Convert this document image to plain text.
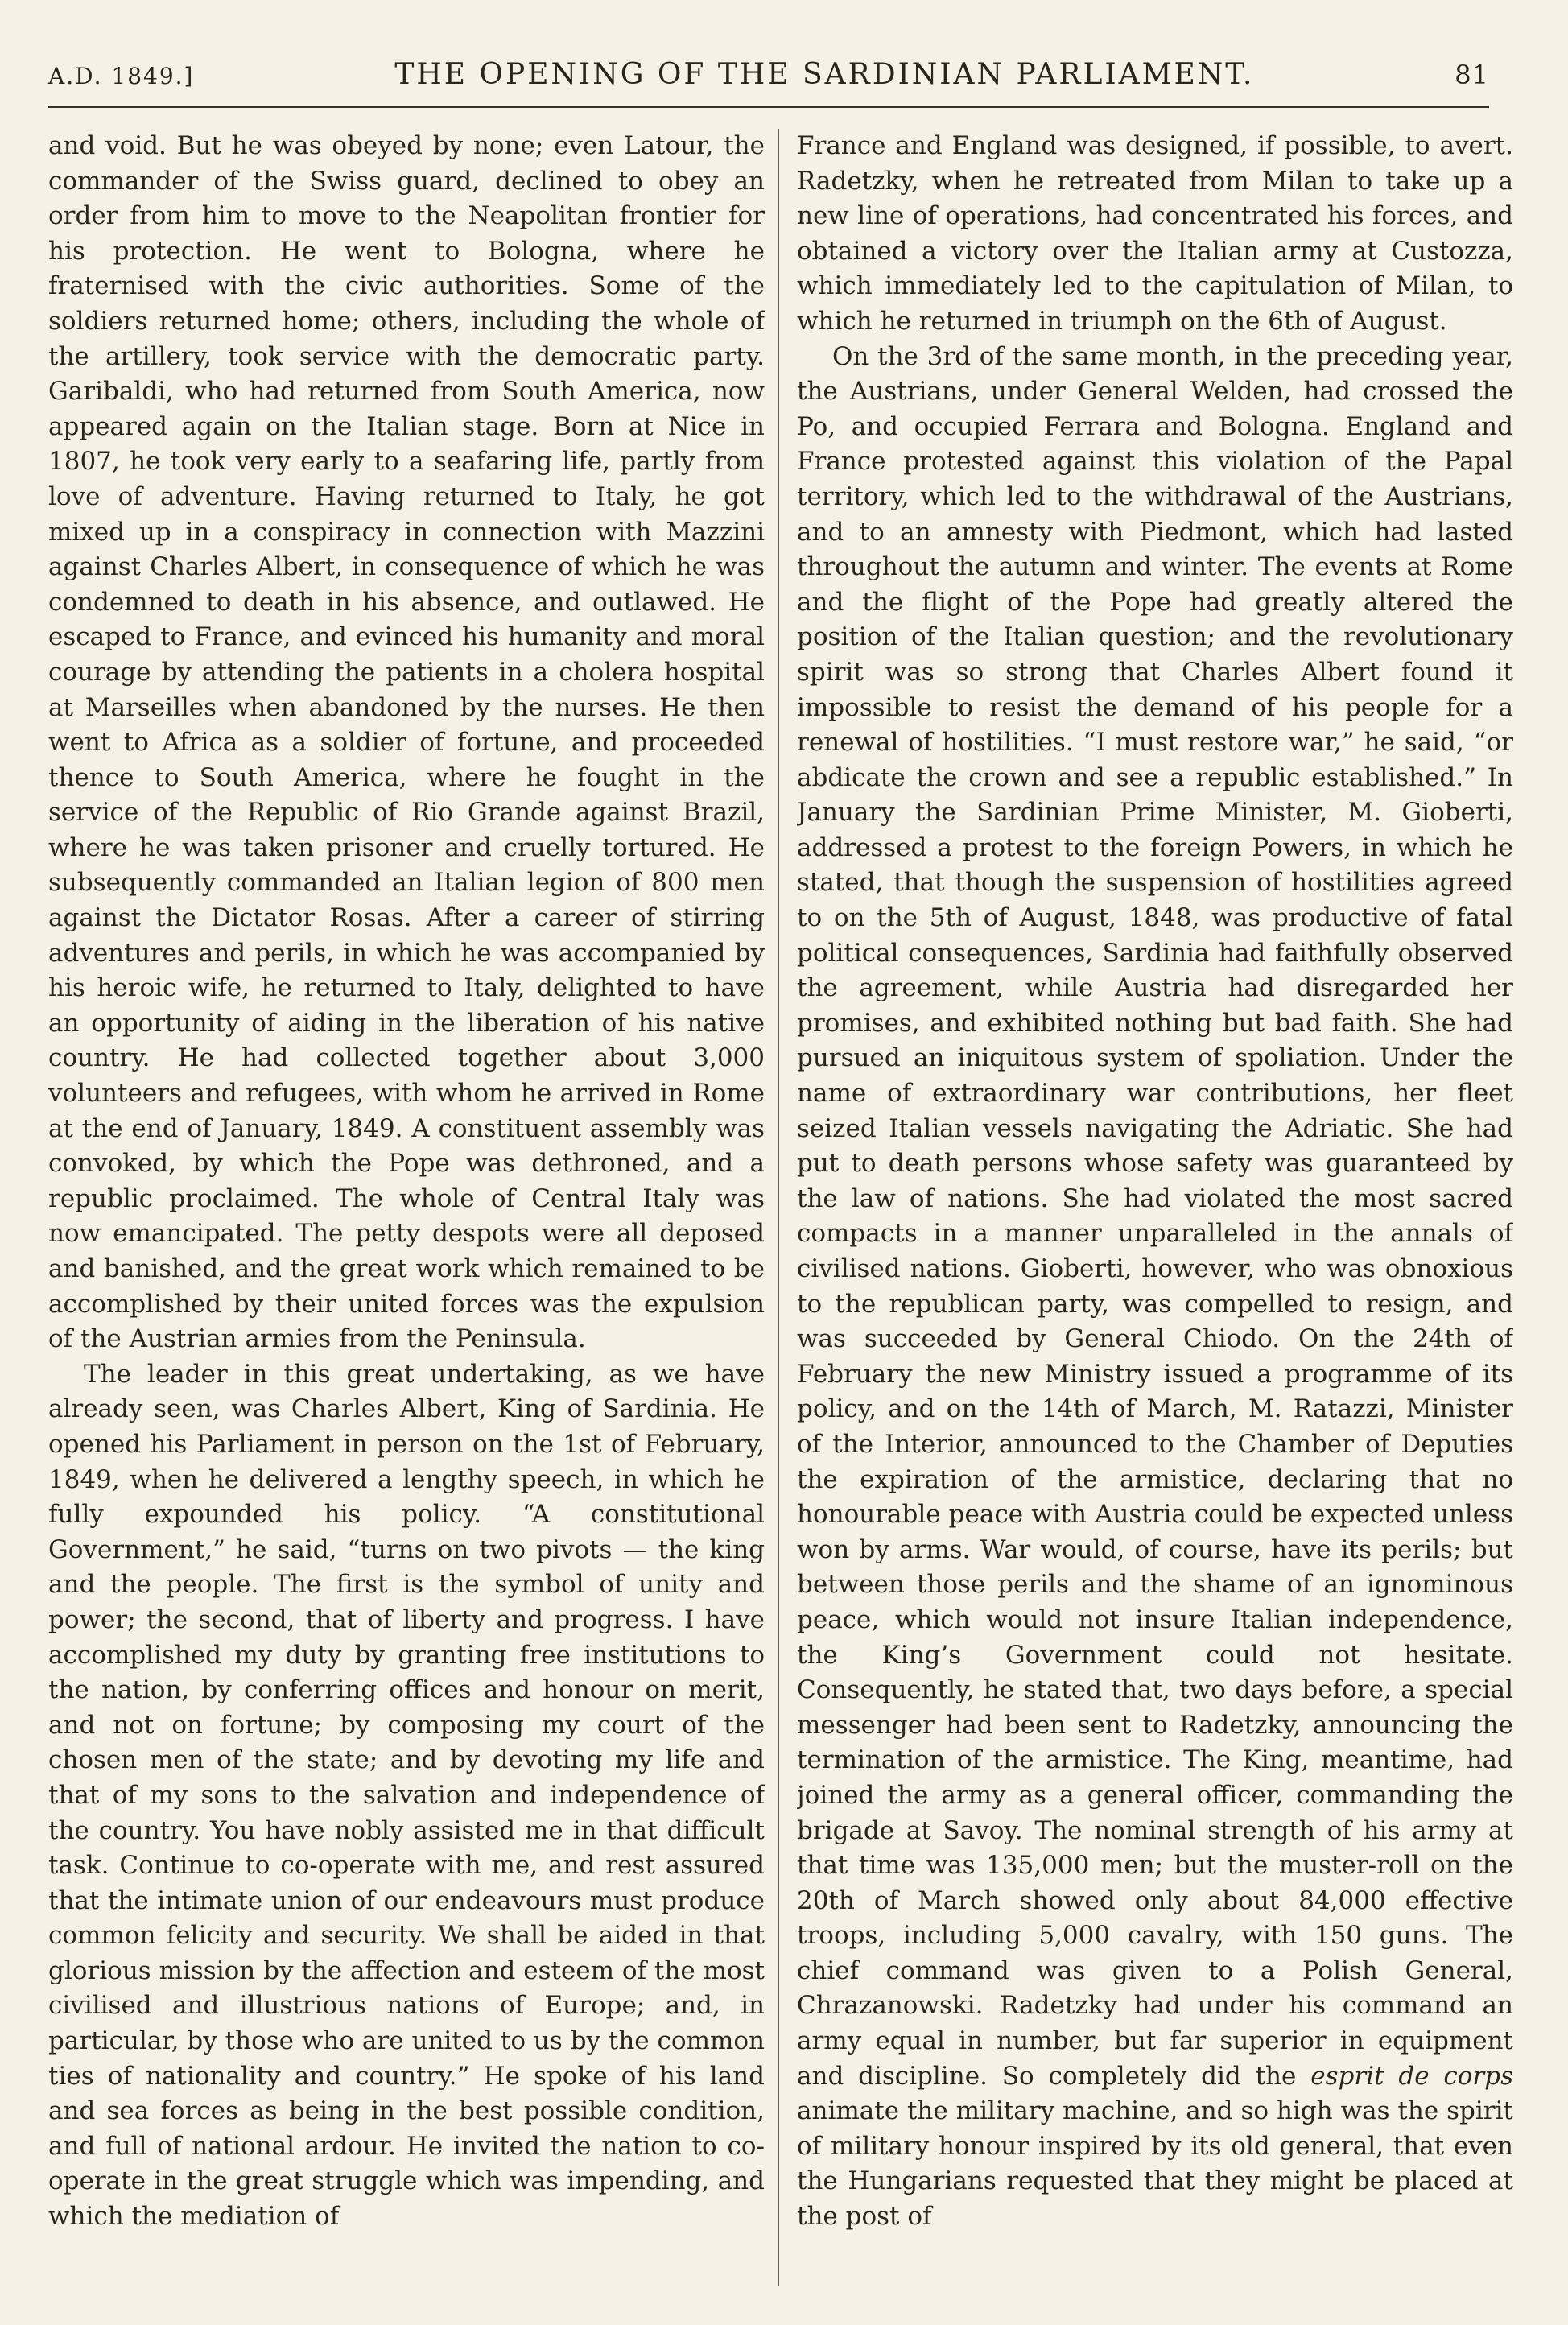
A.D. 1849.]	THE OPENING OF THE SARDINIAN PARLIAMENT.	81

and void. But he was obeyed by none; even Latour, the commander of the Swiss guard, declined to obey an order from him to move to the Neapolitan frontier for his protection. He went to Bologna, where he fraternised with the civic authorities. Some of the soldiers returned home; others, including the whole of the artillery, took service with the democratic party. Garibaldi, who had returned from South America, now appeared again on the Italian stage. Born at Nice in 1807, he took very early to a seafaring life, partly from love of adventure. Having returned to Italy, he got mixed up in a conspiracy in connection with Mazzini against Charles Albert, in consequence of which he was condemned to death in his absence, and outlawed. He escaped to France, and evinced his humanity and moral courage by attending the patients in a cholera hospital at Marseilles when abandoned by the nurses. He then went to Africa as a soldier of fortune, and proceeded thence to South America, where he fought in the service of the Republic of Rio Grande against Brazil, where he was taken prisoner and cruelly tortured. He subsequently commanded an Italian legion of 800 men against the Dictator Rosas. After a career of stirring adventures and perils, in which he was accompanied by his heroic wife, he returned to Italy, delighted to have an opportunity of aiding in the liberation of his native country. He had collected together about 3,000 volunteers and refugees, with whom he arrived in Rome at the end of January, 1849. A constituent assembly was convoked, by which the Pope was dethroned, and a republic proclaimed. The whole of Central Italy was now emancipated. The petty despots were all deposed and banished, and the great work which remained to be accomplished by their united forces was the expulsion of the Austrian armies from the Peninsula.

The leader in this great undertaking, as we have already seen, was Charles Albert, King of Sardinia. He opened his Parliament in person on the 1st of February, 1849, when he delivered a lengthy speech, in which he fully expounded his policy. “A constitutional Government,” he said, “turns on two pivots — the king and the people. The first is the symbol of unity and power; the second, that of liberty and progress. I have accomplished my duty by granting free institutions to the nation, by conferring offices and honour on merit, and not on fortune; by composing my court of the chosen men of the state; and by devoting my life and that of my sons to the salvation and independence of the country. You have nobly assisted me in that difficult task. Continue to co-operate with me, and rest assured that the intimate union of our endeavours must produce common felicity and security. We shall be aided in that glorious mission by the affection and esteem of the most civilised and illustrious nations of Europe; and, in particular, by those who are united to us by the common ties of nationality and country.” He spoke of his land and sea forces as being in the best possible condition, and full of national ardour. He invited the nation to co-operate in the great struggle which was impending, and which the mediation of

France and England was designed, if possible, to avert. Radetzky, when he retreated from Milan to take up a new line of operations, had concentrated his forces, and obtained a victory over the Italian army at Custozza, which immediately led to the capitulation of Milan, to which he returned in triumph on the 6th of August.

On the 3rd of the same month, in the preceding year, the Austrians, under General Welden, had crossed the Po, and occupied Ferrara and Bologna. England and France protested against this violation of the Papal territory, which led to the withdrawal of the Austrians, and to an amnesty with Piedmont, which had lasted throughout the autumn and winter. The events at Rome and the flight of the Pope had greatly altered the position of the Italian question; and the revolutionary spirit was so strong that Charles Albert found it impossible to resist the demand of his people for a renewal of hostilities. “I must restore war,” he said, “or abdicate the crown and see a republic established.” In January the Sardinian Prime Minister, M. Gioberti, addressed a protest to the foreign Powers, in which he stated, that though the suspension of hostilities agreed to on the 5th of August, 1848, was productive of fatal political consequences, Sardinia had faithfully observed the agreement, while Austria had disregarded her promises, and exhibited nothing but bad faith. She had pursued an iniquitous system of spoliation. Under the name of extraordinary war contributions, her fleet seized Italian vessels navigating the Adriatic. She had put to death persons whose safety was guaranteed by the law of nations. She had violated the most sacred compacts in a manner unparalleled in the annals of civilised nations. Gioberti, however, who was obnoxious to the republican party, was compelled to resign, and was succeeded by General Chiodo. On the 24th of February the new Ministry issued a programme of its policy, and on the 14th of March, M. Ratazzi, Minister of the Interior, announced to the Chamber of Deputies the expiration of the armistice, declaring that no honourable peace with Austria could be expected unless won by arms. War would, of course, have its perils; but between those perils and the shame of an ignominous peace, which would not insure Italian independence, the King’s Government could not hesitate. Consequently, he stated that, two days before, a special messenger had been sent to Radetzky, announcing the termination of the armistice. The King, meantime, had joined the army as a general officer, commanding the brigade at Savoy. The nominal strength of his army at that time was 135,000 men; but the muster-roll on the 20th of March showed only about 84,000 effective troops, including 5,000 cavalry, with 150 guns. The chief command was given to a Polish General, Chrazanowski. Radetzky had under his command an army equal in number, but far superior in equipment and discipline. So completely did the esprit de corps animate the military machine, and so high was the spirit of military honour inspired by its old general, that even the Hungarians requested that they might be placed at the post of
